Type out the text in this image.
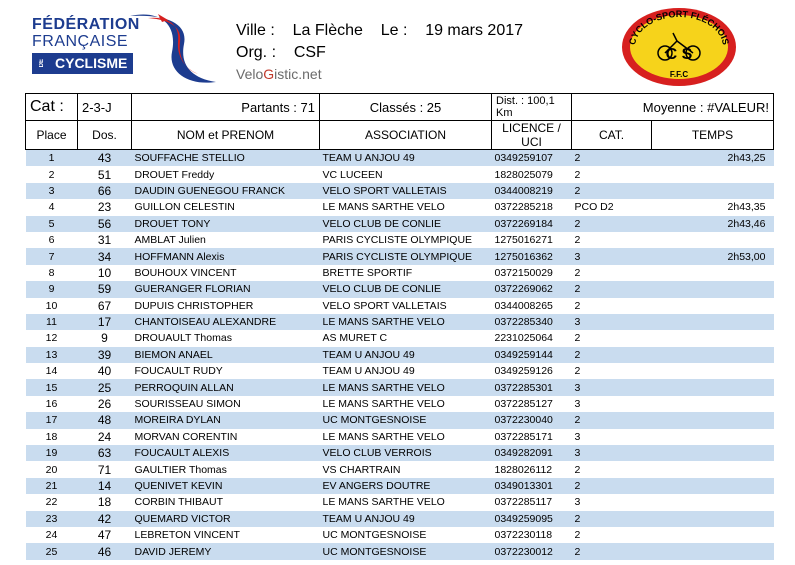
FÉDÉRATION
FRANÇAISE
DE CYCLISME
Ville : La Flèche Le : 19 mars 2017
Org. : CSF
VeloGistic.net
CYCLO-SPORT FLÉCHOIS
C S
F.F.C
Cat :	2-3-J	Partants : 71	Classés : 25	Dist. : 100,1 Km	Moyenne : #VALEUR!	
Place	Dos.	NOM et PRENOM	ASSOCIATION	LICENCE / UCI	CAT.	TEMPS
1	43	SOUFFACHE STELLIO	TEAM U ANJOU 49	0349259107	2	2h43,25
2	51	DROUET Freddy	VC LUCEEN	1828025079	2	
3	66	DAUDIN GUENEGOU FRANCK	VELO SPORT VALLETAIS	0344008219	2	
4	23	GUILLON CELESTIN	LE MANS SARTHE VELO	0372285218	PCO D2	2h43,35
5	56	DROUET TONY	VELO CLUB DE CONLIE	0372269184	2	2h43,46
6	31	AMBLAT Julien	PARIS CYCLISTE OLYMPIQUE	1275016271	2	
7	34	HOFFMANN Alexis	PARIS CYCLISTE OLYMPIQUE	1275016362	3	2h53,00
8	10	BOUHOUX VINCENT	BRETTE SPORTIF	0372150029	2	
9	59	GUERANGER FLORIAN	VELO CLUB DE CONLIE	0372269062	2	
10	67	DUPUIS CHRISTOPHER	VELO SPORT VALLETAIS	0344008265	2	
11	17	CHANTOISEAU ALEXANDRE	LE MANS SARTHE VELO	0372285340	3	
12	9	DROUAULT Thomas	AS MURET C	2231025064	2	
13	39	BIEMON ANAEL	TEAM U ANJOU 49	0349259144	2	
14	40	FOUCAULT RUDY	TEAM U ANJOU 49	0349259126	2	
15	25	PERROQUIN ALLAN	LE MANS SARTHE VELO	0372285301	3	
16	26	SOURISSEAU SIMON	LE MANS SARTHE VELO	0372285127	3	
17	48	MOREIRA DYLAN	UC MONTGESNOISE	0372230040	2	
18	24	MORVAN CORENTIN	LE MANS SARTHE VELO	0372285171	3	
19	63	FOUCAULT ALEXIS	VELO CLUB VERROIS	0349282091	3	
20	71	GAULTIER Thomas	VS CHARTRAIN	1828026112	2	
21	14	QUENIVET KEVIN	EV ANGERS DOUTRE	0349013301	2	
22	18	CORBIN THIBAUT	LE MANS SARTHE VELO	0372285117	3	
23	42	QUEMARD VICTOR	TEAM U ANJOU 49	0349259095	2	
24	47	LEBRETON VINCENT	UC MONTGESNOISE	0372230118	2	
25	46	DAVID JEREMY	UC MONTGESNOISE	0372230012	2	
